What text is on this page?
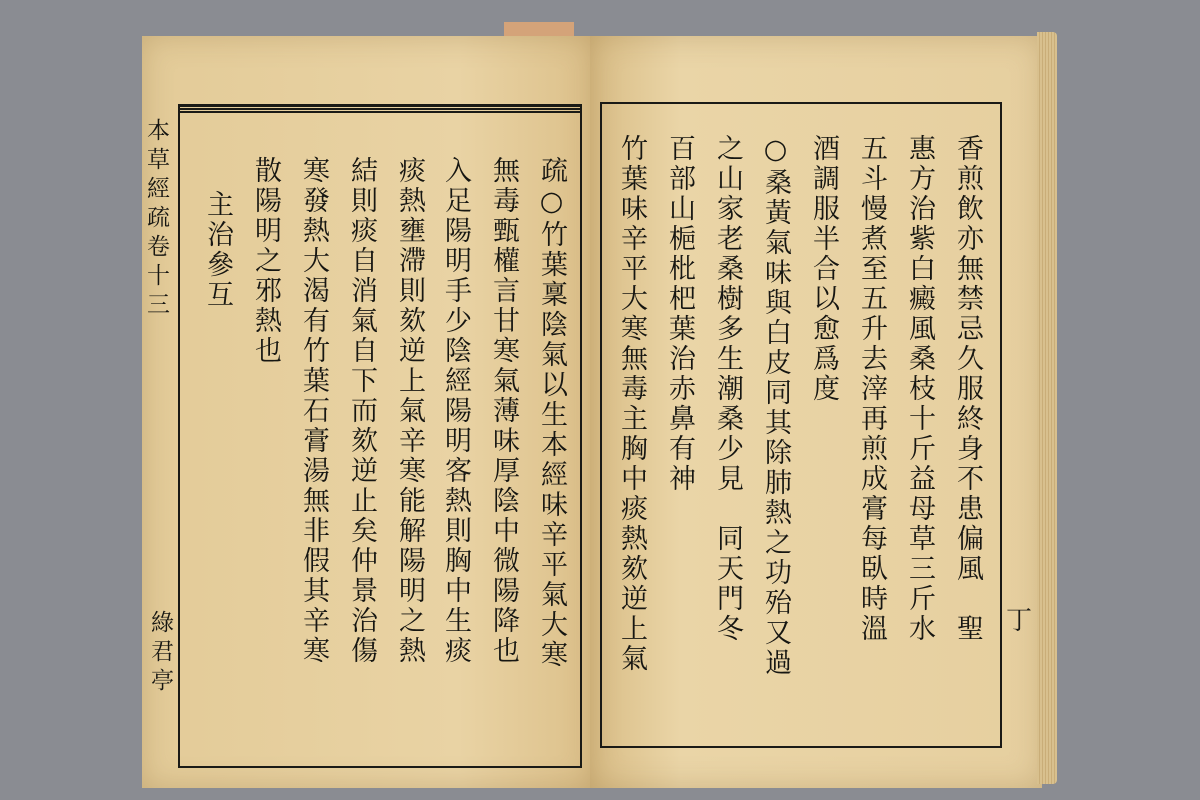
本草經疏卷十三
綠君亭	疏○竹葉稟陰氣以生本經味辛平氣大寒
無毒甄權言甘寒氣薄味厚陰中微陽降也
入足陽明手少陰經陽明客熱則胸中生痰
痰熱壅滯則欬逆上氣辛寒能解陽明之熱
結則痰自消氣自下而欬逆止矣仲景治傷
寒發熱大渴有竹葉石膏湯無非假其辛寒
散陽明之邪熱也
主治參互	香煎飲亦無禁忌久服終身不患偏風　聖
惠方治紫白癜風桑枝十斤益母草三斤水
五斗慢煮至五升去滓再煎成膏每臥時溫
酒調服半合以愈爲度
○桑黃氣味與白皮同其除肺熱之功殆又過
之山家老桑樹多生潮桑少見　同天門冬
百部山梔枇杷葉治赤鼻有神
竹葉味辛平大寒無毒主胸中痰熱欬逆上氣	丁
